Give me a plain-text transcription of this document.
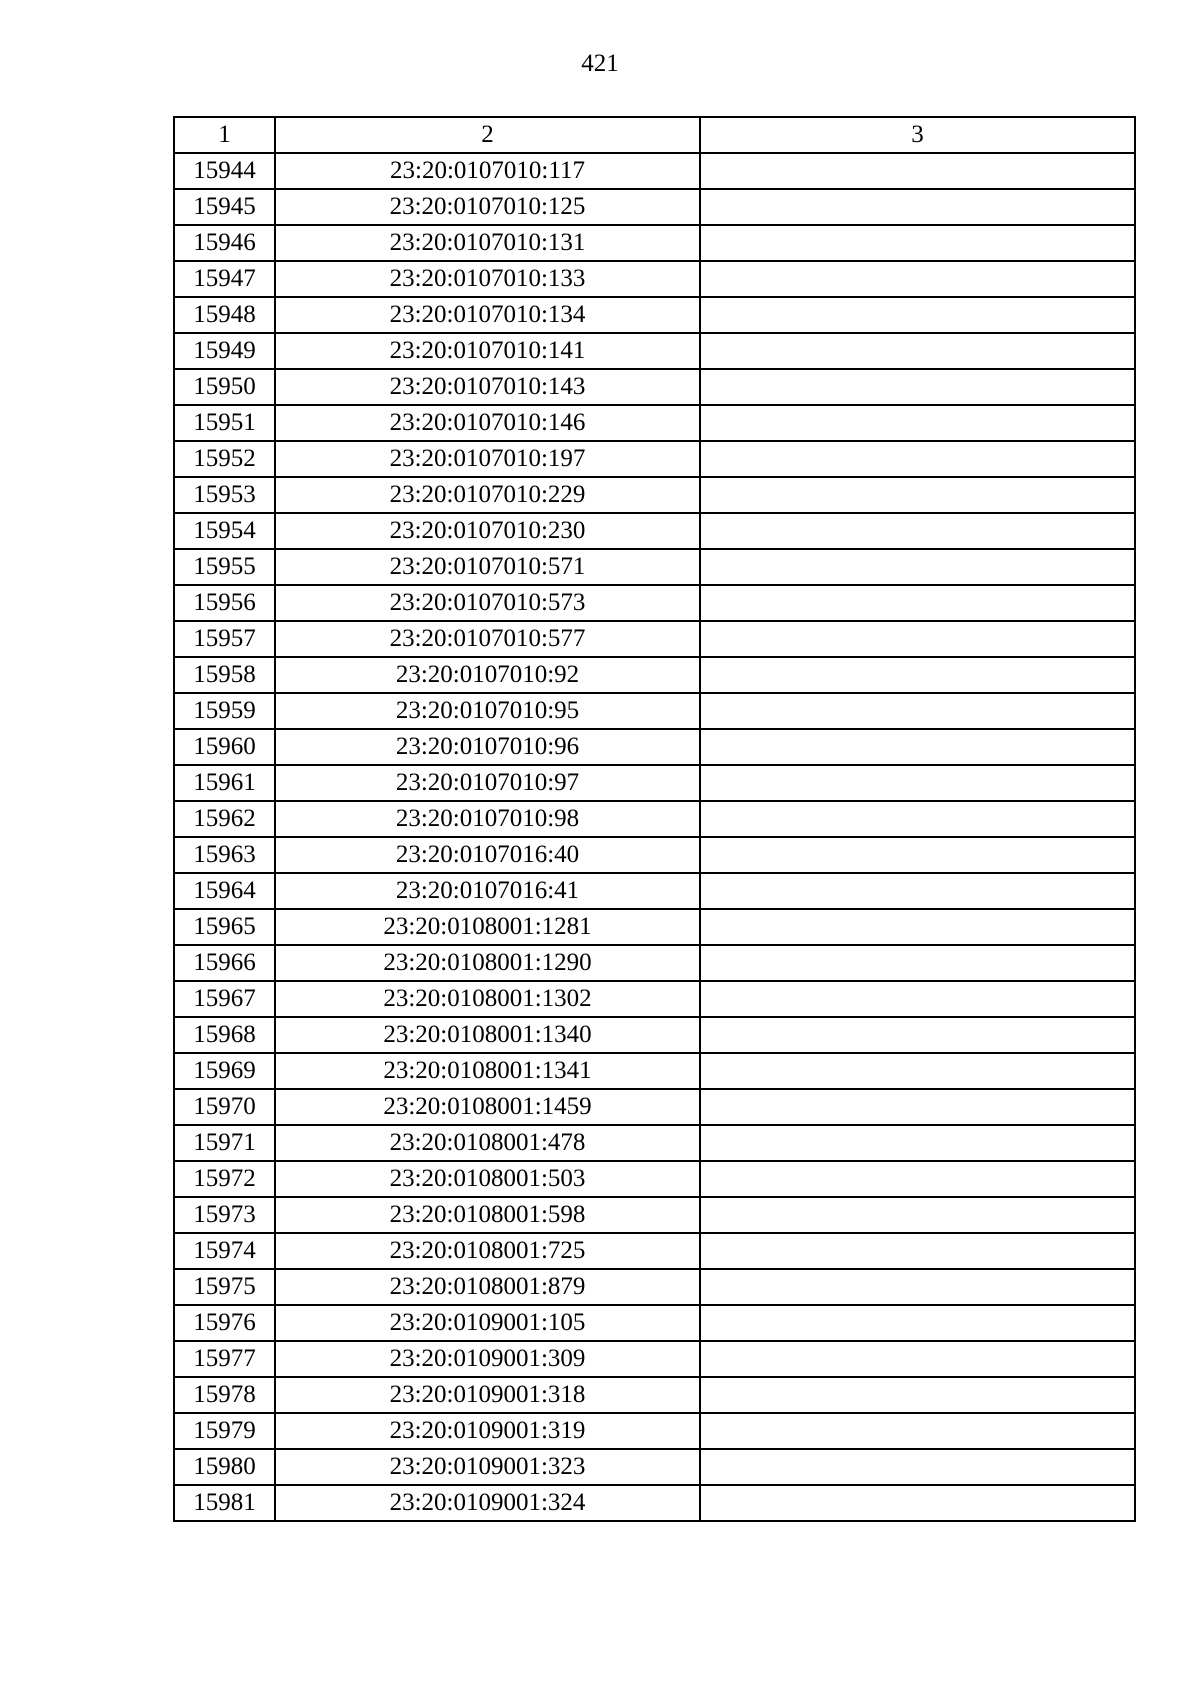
421
1	2	3
15944	23:20:0107010:117	
15945	23:20:0107010:125	
15946	23:20:0107010:131	
15947	23:20:0107010:133	
15948	23:20:0107010:134	
15949	23:20:0107010:141	
15950	23:20:0107010:143	
15951	23:20:0107010:146	
15952	23:20:0107010:197	
15953	23:20:0107010:229	
15954	23:20:0107010:230	
15955	23:20:0107010:571	
15956	23:20:0107010:573	
15957	23:20:0107010:577	
15958	23:20:0107010:92	
15959	23:20:0107010:95	
15960	23:20:0107010:96	
15961	23:20:0107010:97	
15962	23:20:0107010:98	
15963	23:20:0107016:40	
15964	23:20:0107016:41	
15965	23:20:0108001:1281	
15966	23:20:0108001:1290	
15967	23:20:0108001:1302	
15968	23:20:0108001:1340	
15969	23:20:0108001:1341	
15970	23:20:0108001:1459	
15971	23:20:0108001:478	
15972	23:20:0108001:503	
15973	23:20:0108001:598	
15974	23:20:0108001:725	
15975	23:20:0108001:879	
15976	23:20:0109001:105	
15977	23:20:0109001:309	
15978	23:20:0109001:318	
15979	23:20:0109001:319	
15980	23:20:0109001:323	
15981	23:20:0109001:324	
